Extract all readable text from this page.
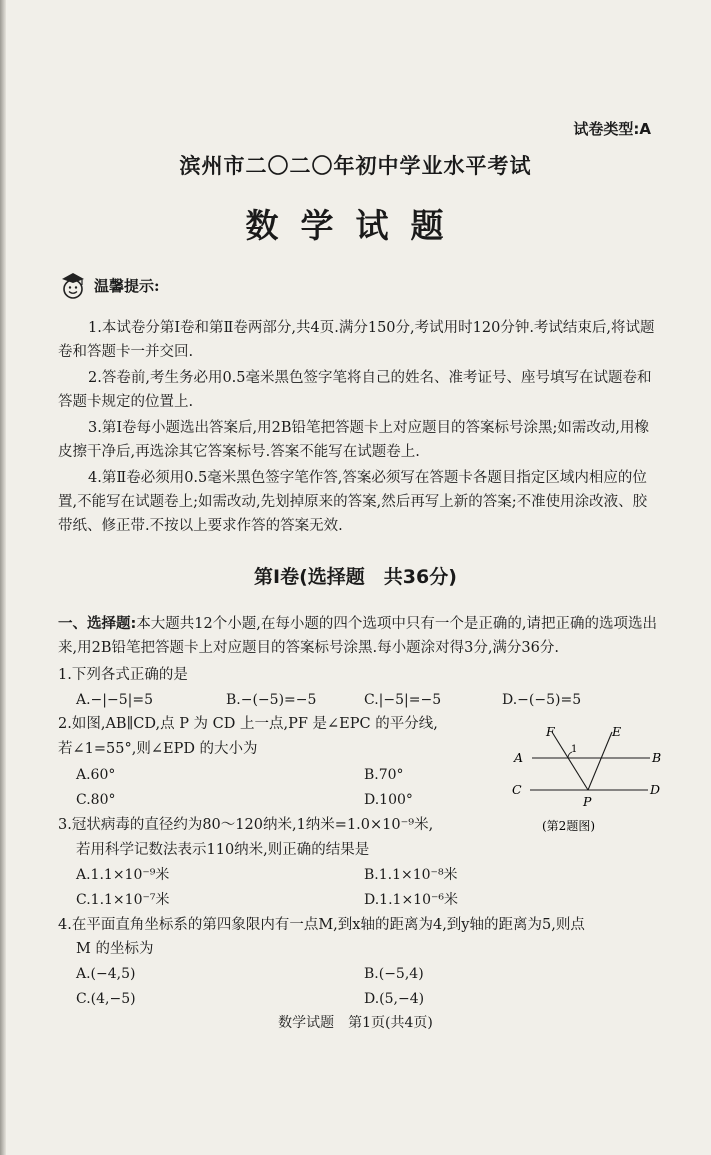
试卷类型:A
滨州市二〇二〇年初中学业水平考试
数学试题
温馨提示:
1.本试卷分第Ⅰ卷和第Ⅱ卷两部分,共4页.满分150分,考试用时120分钟.考试结束后,将试题卷和答题卡一并交回.
2.答卷前,考生务必用0.5毫米黑色签字笔将自己的姓名、准考证号、座号填写在试题卷和答题卡规定的位置上.
3.第Ⅰ卷每小题选出答案后,用2B铅笔把答题卡上对应题目的答案标号涂黑;如需改动,用橡皮擦干净后,再选涂其它答案标号.答案不能写在试题卷上.
4.第Ⅱ卷必须用0.5毫米黑色签字笔作答,答案必须写在答题卡各题目指定区域内相应的位置,不能写在试题卷上;如需改动,先划掉原来的答案,然后再写上新的答案;不准使用涂改液、胶带纸、修正带.不按以上要求作答的答案无效.
第Ⅰ卷(选择题　共36分)
一、选择题:本大题共12个小题,在每小题的四个选项中只有一个是正确的,请把正确的选项选出来,用2B铅笔把答题卡上对应题目的答案标号涂黑.每小题涂对得3分,满分36分.
1.下列各式正确的是
A.−|−5|=5	B.−(−5)=−5	C.|−5|=−5	D.−(−5)=5
2.如图,AB∥CD,点 P 为 CD 上一点,PF 是∠EPC 的平分线,
若∠1=55°,则∠EPD 的大小为
A.60°	B.70°
C.80°	D.100°
F	E
A	B
C	D
P
1
(第2题图)
3.冠状病毒的直径约为80～120纳米,1纳米=1.0×10⁻⁹米,
若用科学记数法表示110纳米,则正确的结果是
A.1.1×10⁻⁹米	B.1.1×10⁻⁸米
C.1.1×10⁻⁷米	D.1.1×10⁻⁶米
4.在平面直角坐标系的第四象限内有一点M,到x轴的距离为4,到y轴的距离为5,则点
M 的坐标为
A.(−4,5)	B.(−5,4)
C.(4,−5)	D.(5,−4)
数学试题　第1页(共4页)
